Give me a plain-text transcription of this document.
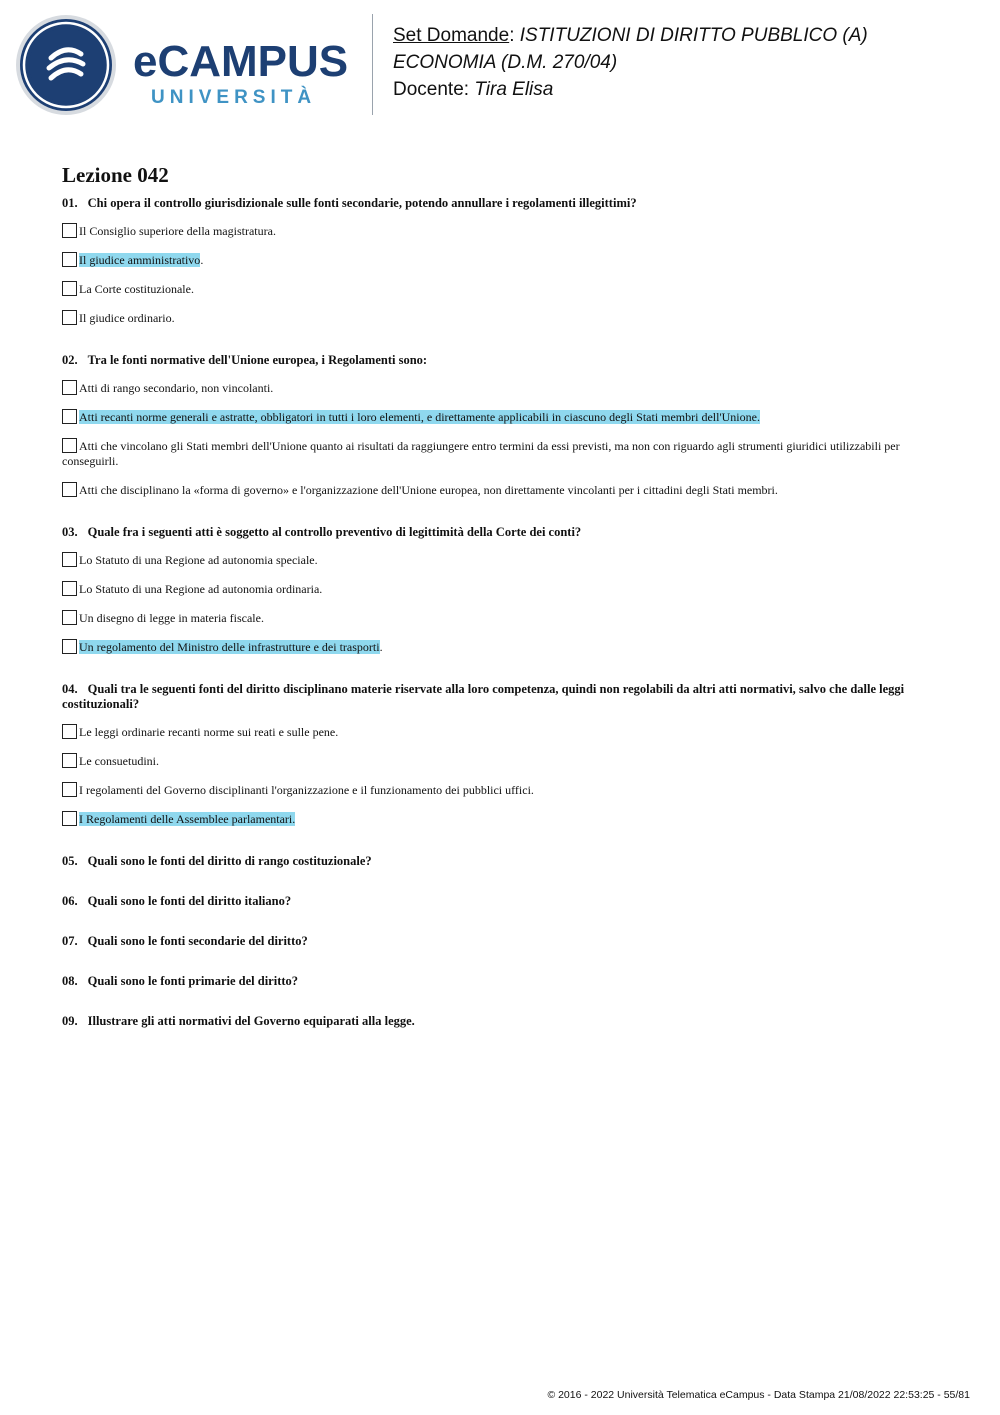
eCAMPUS
UNIVERSITÀ
Set Domande: ISTITUZIONI DI DIRITTO PUBBLICO (A)
ECONOMIA (D.M. 270/04)
Docente: Tira Elisa
Lezione 042
01. Chi opera il controllo giurisdizionale sulle fonti secondarie, potendo annullare i regolamenti illegittimi?
Il Consiglio superiore della magistratura.
Il giudice amministrativo.
La Corte costituzionale.
Il giudice ordinario.
02. Tra le fonti normative dell'Unione europea, i Regolamenti sono:
Atti di rango secondario, non vincolanti.
Atti recanti norme generali e astratte, obbligatori in tutti i loro elementi, e direttamente applicabili in ciascuno degli Stati membri dell'Unione.
Atti che vincolano gli Stati membri dell'Unione quanto ai risultati da raggiungere entro termini da essi previsti, ma non con riguardo agli strumenti giuridici utilizzabili per conseguirli.
Atti che disciplinano la «forma di governo» e l'organizzazione dell'Unione europea, non direttamente vincolanti per i cittadini degli Stati membri.
03. Quale fra i seguenti atti è soggetto al controllo preventivo di legittimità della Corte dei conti?
Lo Statuto di una Regione ad autonomia speciale.
Lo Statuto di una Regione ad autonomia ordinaria.
Un disegno di legge in materia fiscale.
Un regolamento del Ministro delle infrastrutture e dei trasporti.
04. Quali tra le seguenti fonti del diritto disciplinano materie riservate alla loro competenza, quindi non regolabili da altri atti normativi, salvo che dalle leggi costituzionali?
Le leggi ordinarie recanti norme sui reati e sulle pene.
Le consuetudini.
I regolamenti del Governo disciplinanti l'organizzazione e il funzionamento dei pubblici uffici.
I Regolamenti delle Assemblee parlamentari.
05. Quali sono le fonti del diritto di rango costituzionale?
06. Quali sono le fonti del diritto italiano?
07. Quali sono le fonti secondarie del diritto?
08. Quali sono le fonti primarie del diritto?
09. Illustrare gli atti normativi del Governo equiparati alla legge.
© 2016 - 2022 Università Telematica eCampus - Data Stampa 21/08/2022 22:53:25 - 55/81
